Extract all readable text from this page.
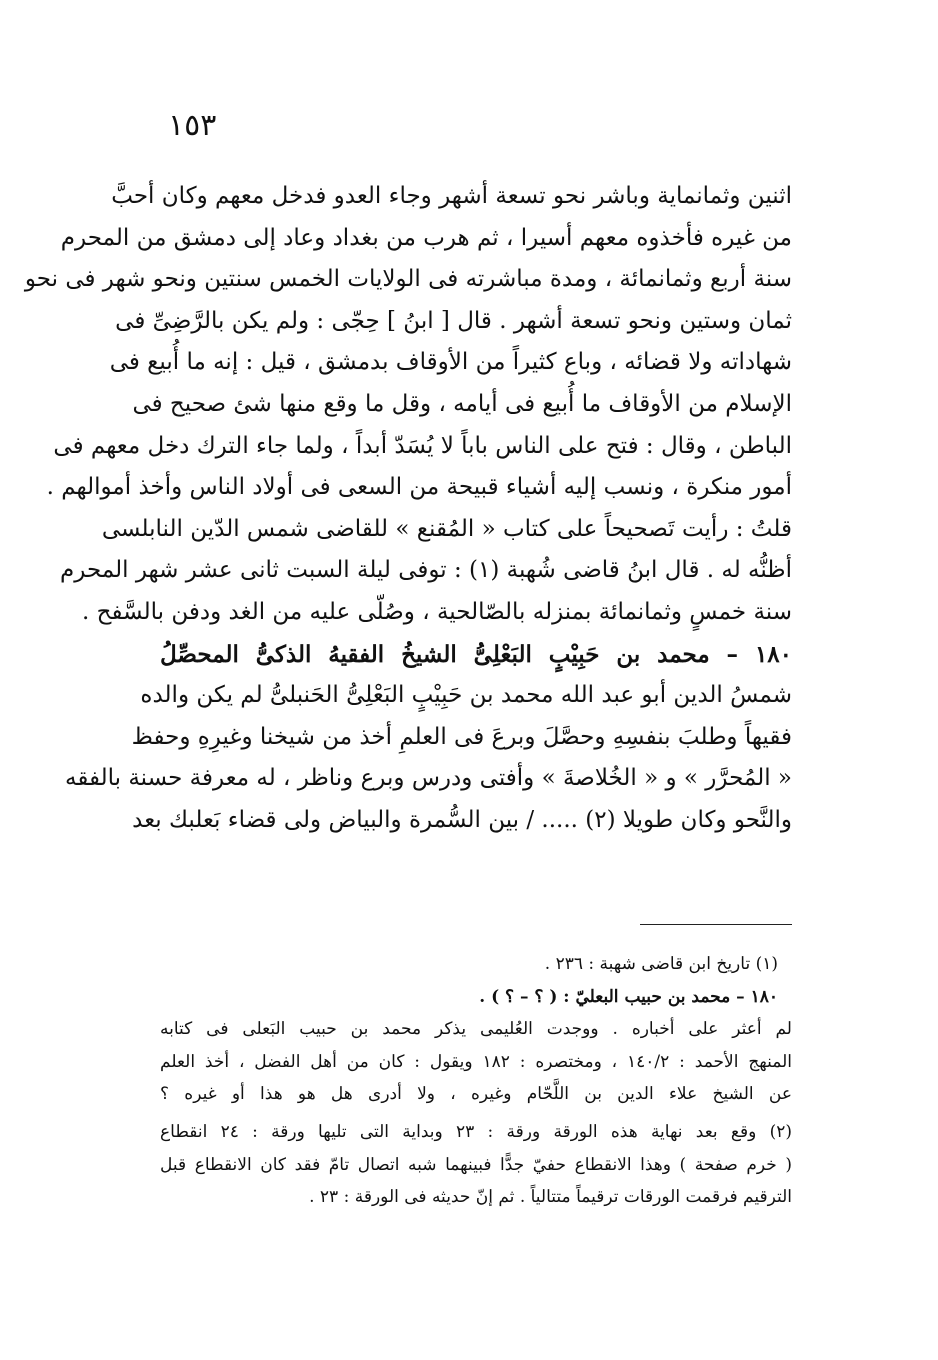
١٥٣
اثنين وثمانماية وباشر نحو تسعة أشهر وجاء العدو فدخل معهم وكان أحبَّ
من غيره فأخذوه معهم أسيرا ، ثم هرب من بغداد وعاد إلى دمشق من المحرم
سنة أربع وثمانمائة ، ومدة مباشرته فى الولايات الخمس سنتين ونحو شهر فى نحو
ثمان وستين ونحو تسعة أشهر . قال [ ابنُ ] حِجّى : ولم يكن بالرَّضِىِّ فى
شهاداته ولا قضائه ، وباع كثيراً من الأوقاف بدمشق ، قيل : إنه ما أُبيع فى
الإسلام من الأوقاف ما أُبيع فى أيامه ، وقل ما وقع منها شئ صحيح فى
الباطن ، وقال : فتح على الناس باباً لا يُسَدّ أبداً ، ولما جاء الترك دخل معهم فى
أمور منكرة ، ونسب إليه أشياء قبيحة من السعى فى أولاد الناس وأخذ أموالهم .
قلتُ : رأيت تَصحيحاً على كتاب « المُقنع » للقاضى شمس الدّين النابلسى
أظنُّه له . قال ابنُ قاضى شُهبة (١) : توفى ليلة السبت ثانى عشر شهر المحرم
سنة خمسٍ وثمانمائة بمنزله بالصّالحية ، وصُلّى عليه من الغد ودفن بالسَّفح .
١٨٠ – محمد بن حَبِيْبٍ البَعْلِىُّ الشيخُ الفقيهُ الذكىُّ المحصِّلُ
شمسُ الدين أبو عبد الله محمد بن حَبِيْبٍ البَعْلِىُّ الحَنبلىُّ لم يكن والده
فقيهاً وطلبَ بنفسِهِ وحصَّلَ وبرعَ فى العلمِ أخذ من شيخنا وغيرِهِ وحفظ
« المُحرَّر » و « الخُلاصةَ » وأفتى ودرس وبرع وناظر ، له معرفة حسنة بالفقه
والنَّحو وكان طويلا (٢) ..... / بين السُّمرة والبياض ولى قضاء بَعلبك بعد
(١) تاريخ ابن قاضى شهبة : ٢٣٦ .
١٨٠ – محمد بن حبيب البعليّ : ( ؟ – ؟ ) .
لم أعثر على أخباره . ووجدت العُليمى يذكر محمد بن حبيب البَعلى فى كتابه
المنهج الأحمد : ١٤٠/٢ ، ومختصره : ١٨٢ ويقول : كان من أهل الفضل ، أخذ العلم
عن الشيخ علاء الدين بن اللَّحّام وغيره ، ولا أدرى هل هو هذا أو غيره ؟
(٢) وقع بعد نهاية هذه الورقة ورقة : ٢٣ وبداية التى تليها ورقة : ٢٤ انقطاع
( خرم صفحة ) وهذا الانقطاع حفيّ جدًّا فبينهما شبه اتصال تامّ فقد كان الانقطاع قبل
الترقيم فرقمت الورقات ترقيماً متتالياً . ثم إنّ حديثه فى الورقة : ٢٣ .
